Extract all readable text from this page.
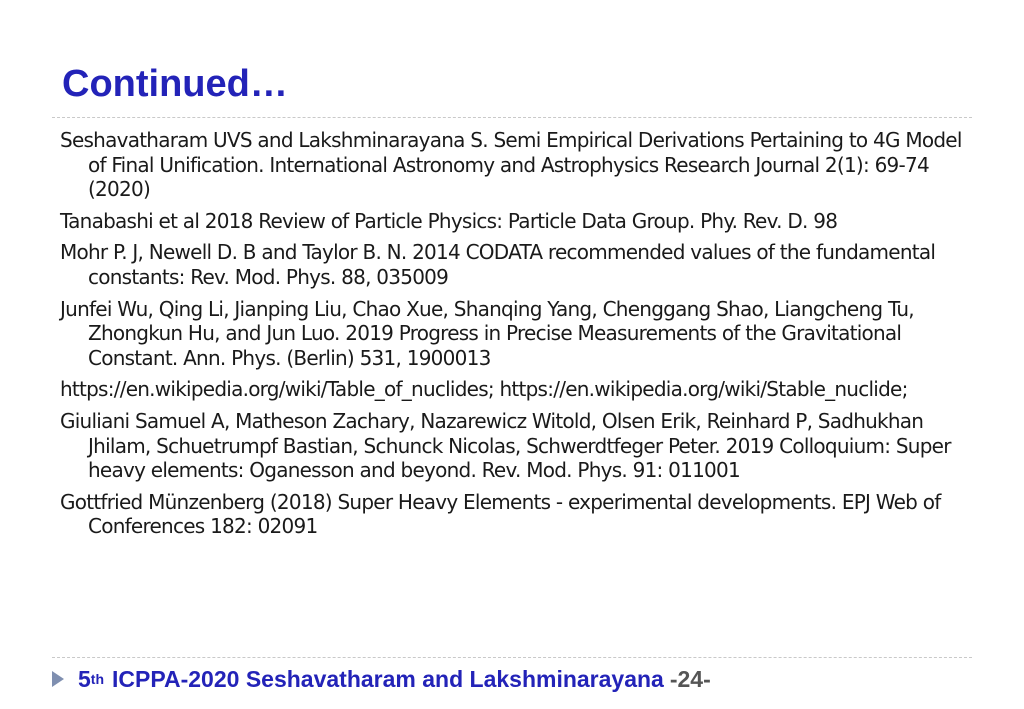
Continued…
Seshavatharam UVS and Lakshminarayana S. Semi Empirical Derivations Pertaining to 4G Model of Final Unification. International Astronomy and Astrophysics Research Journal 2(1): 69-74 (2020)
Tanabashi et al 2018 Review of Particle Physics: Particle Data Group. Phy. Rev. D. 98
Mohr P. J, Newell D. B and Taylor B. N. 2014 CODATA recommended values of the fundamental constants: Rev. Mod. Phys. 88, 035009
Junfei Wu, Qing Li, Jianping Liu, Chao Xue, Shanqing Yang, Chenggang Shao, Liangcheng Tu, Zhongkun Hu, and Jun Luo. 2019 Progress in Precise Measurements of the Gravitational Constant. Ann. Phys. (Berlin) 531, 1900013
https://en.wikipedia.org/wiki/Table_of_nuclides; https://en.wikipedia.org/wiki/Stable_nuclide;
Giuliani Samuel A, Matheson Zachary, Nazarewicz Witold, Olsen Erik, Reinhard P, Sadhukhan Jhilam, Schuetrumpf Bastian, Schunck Nicolas, Schwerdtfeger Peter. 2019 Colloquium: Super heavy elements: Oganesson and beyond. Rev. Mod. Phys. 91: 011001
Gottfried Münzenberg (2018) Super Heavy Elements - experimental developments. EPJ Web of Conferences 182: 02091
5 th ICPPA-2020 Seshavatharam and Lakshminarayana -24-
